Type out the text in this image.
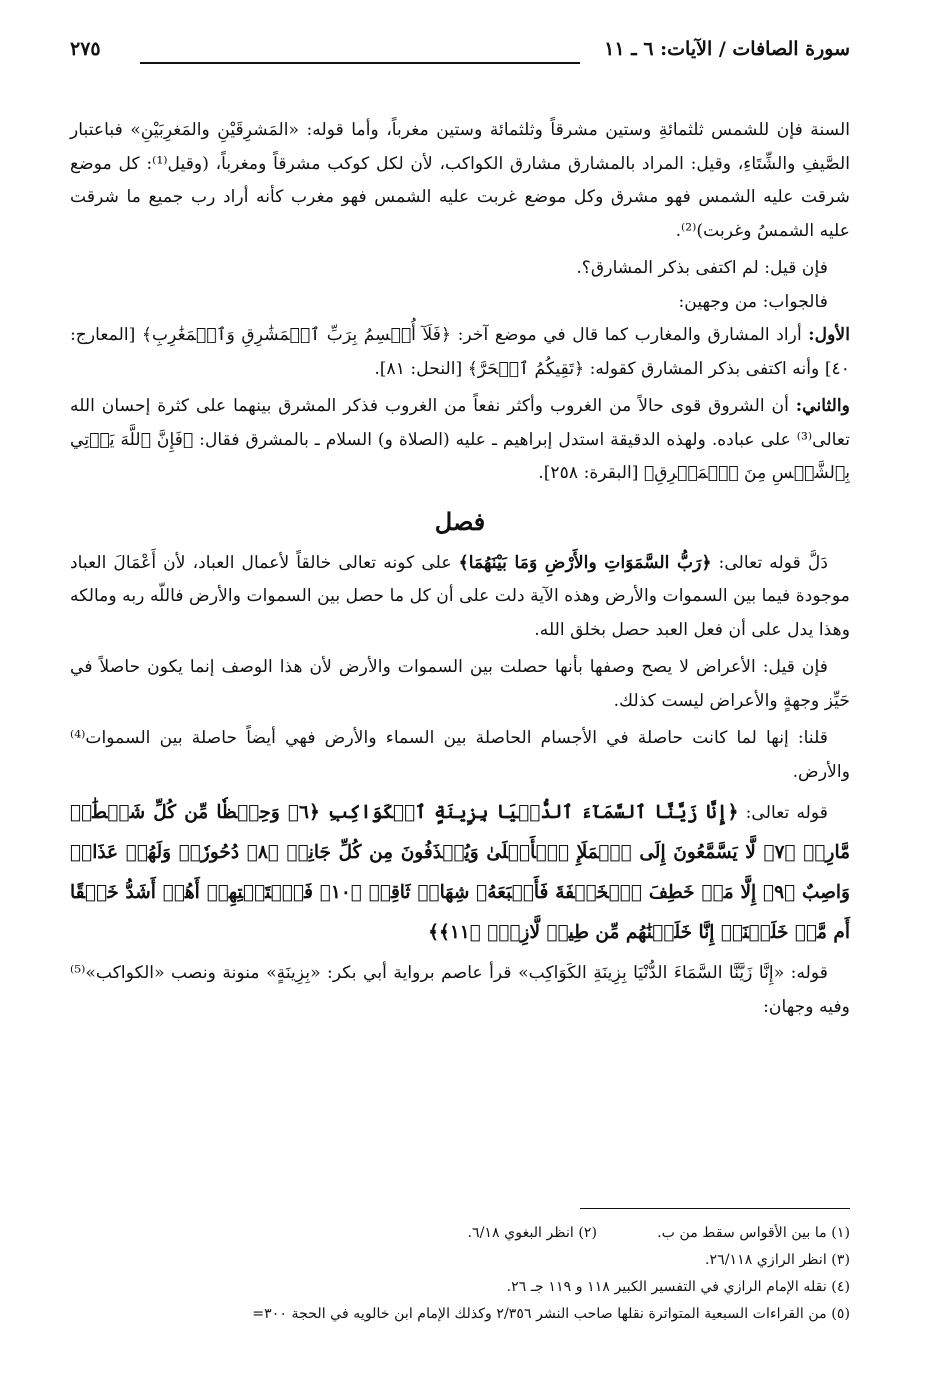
سورة الصافات / الآيات: ٦ ـ ١١
٢٧٥

السنة فإن للشمس ثلثمائةِ وستين مشرقاً وثلثمائة وستين مغرباً، وأما قوله: «المَشرِقَيْنِ والمَغرِبَيْنِ» فباعتبار الصَّيفِ والشِّتَاءِ، وقيل: المراد بالمشارق مشارق الكواكب، لأن لكل كوكب مشرقاً ومغرباً، (وقيل⁽¹⁾: كل موضع شرقت عليه الشمس فهو مشرق وكل موضع غربت عليه الشمس فهو مغرب كأنه أراد رب جميع ما شرقت عليه الشمسُ وغربت)⁽²⁾.

فإن قيل: لم اكتفى بذكر المشارق؟.

فالجواب: من وجهين:

الأول: أراد المشارق والمغارب كما قال في موضع آخر: ﴿فَلَآ أُقۡسِمُ بِرَبِّ ٱلۡمَشَٰرِقِ وَٱلۡمَغَٰرِبِ﴾ [المعارج: ٤٠] وأنه اكتفى بذكر المشارق كقوله: ﴿تَقِيكُمُ ٱلۡحَرَّ﴾ [النحل: ٨١].

والثاني: أن الشروق قوى حالاً من الغروب وأكثر نفعاً من الغروب فذكر المشرق بينهما على كثرة إحسان الله تعالى⁽³⁾ على عباده. ولهذه الدقيقة استدل إبراهيم ـ عليه (الصلاة و) السلام ـ بالمشرق فقال: ﴿فَإِنَّ ٱللَّهَ يَأۡتِي بِٱلشَّمۡسِ مِنَ ٱلۡمَشۡرِقِ﴾ [البقرة: ٢٥٨].

فصل

دَلَّ قوله تعالى: ﴿رَبُّ السَّمَوَاتِ والأَرْضِ وَمَا بَيْنَهُمَا﴾ على كونه تعالى خالقاً لأعمال العباد، لأن أَعْمَالَ العباد موجودة فيما بين السموات والأرض وهذه الآية دلت على أن كل ما حصل بين السموات والأرض فاللّه ربه ومالكه وهذا يدل على أن فعل العبد حصل بخلق الله.

فإن قيل: الأعراض لا يصح وصفها بأنها حصلت بين السموات والأرض لأن هذا الوصف إنما يكون حاصلاً في حَيِّز وجهةٍ والأعراض ليست كذلك.

قلنا: إنها لما كانت حاصلة في الأجسام الحاصلة بين السماء والأرض فهي أيضاً حاصلة بين السموات⁽⁴⁾ والأرض.

قوله تعالى: ﴿إِنَّا زَيَّنَّا ٱلسَّمَآءَ ٱلدُّنۡيَا بِزِينَةٍ ٱلۡكَوَاكِبِ ﴿٦﴾ وَحِفۡظٗا مِّن كُلِّ شَيۡطَٰنٖ مَّارِدٖ ﴿٧﴾ لَّا يَسَّمَّعُونَ إِلَى ٱلۡمَلَإِ ٱلۡأَعۡلَىٰ وَيُقۡذَفُونَ مِن كُلِّ جَانِبٖ ﴿٨﴾ دُحُورٗاۖ وَلَهُمۡ عَذَابٞ وَاصِبٌ ﴿٩﴾ إِلَّا مَنۡ خَطِفَ ٱلۡخَطۡفَةَ فَأَتۡبَعَهُۥ شِهَابٞ ثَاقِبٞ ﴿١٠﴾ فَٱسۡتَفۡتِهِمۡ أَهُمۡ أَشَدُّ خَلۡقًا أَم مَّنۡ خَلَقۡنَآۚ إِنَّا خَلَقۡنَٰهُم مِّن طِينٖ لَّازِبِۭ ﴿١١﴾﴾

قوله: «إِنَّا زَيَّنَّا السَّمَاءَ الدُّنْيَا بِزِينَةِ الكَوَاكِب» قرأ عاصم برواية أبي بكر: «بِزِينَةٍ» منونة ونصب «الكواكب»⁽⁵⁾ وفيه وجهان:

(١) ما بين الأقواس سقط من ب.(٢) انظر البغوي ٦/١٨.
(٣) انظر الرازي ٢٦/١١٨.
(٤) نقله الإمام الرازي في التفسير الكبير ١١٨ و ١١٩ جـ ٢٦.
(٥) من القراءات السبعية المتواترة نقلها صاحب النشر ٢/٣٥٦ وكذلك الإمام ابن خالويه في الحجة ٣٠٠=
